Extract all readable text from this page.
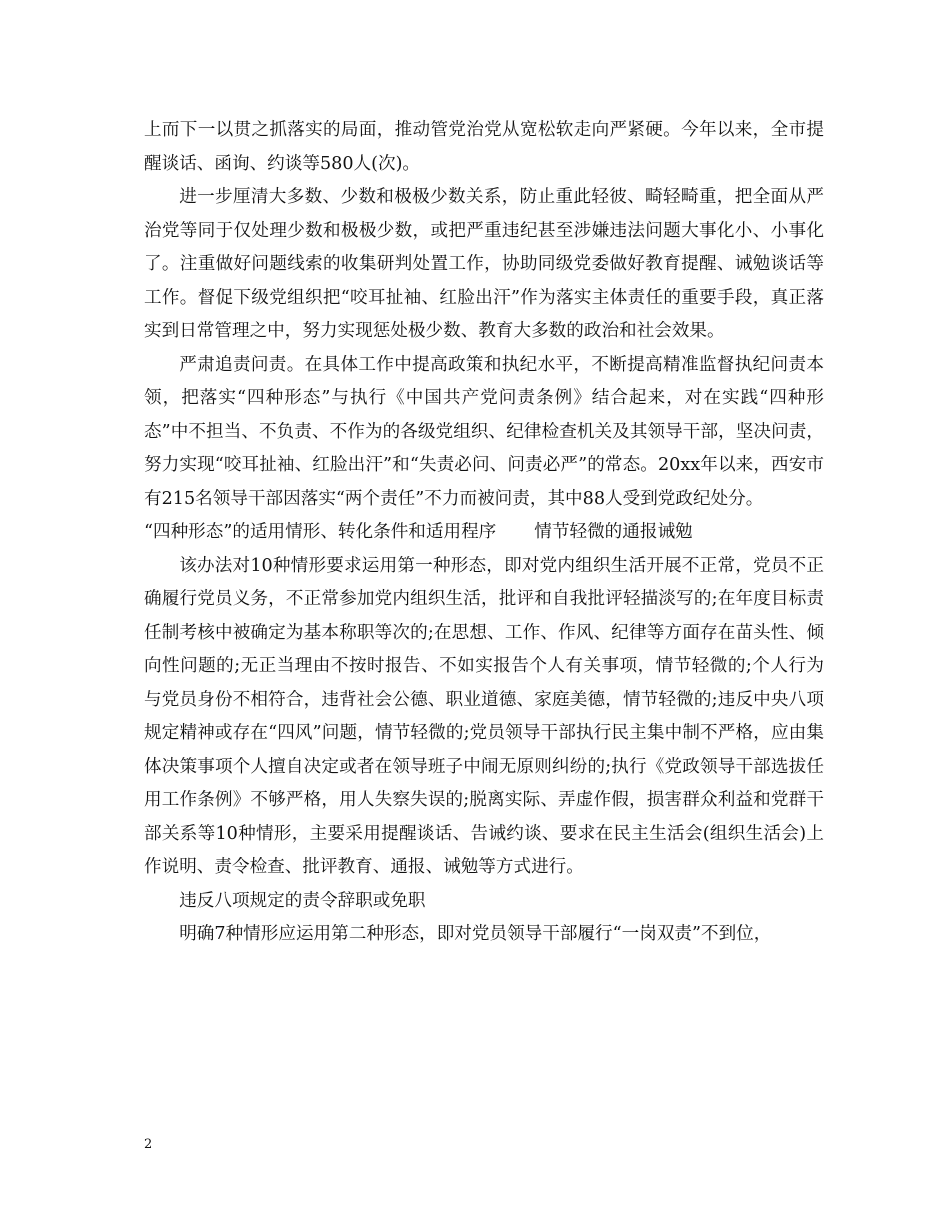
上而下一以贯之抓落实的局面，推动管党治党从宽松软走向严紧硬。今年以来，全市提醒谈话、函询、约谈等580人(次)。

进一步厘清大多数、少数和极极少数关系，防止重此轻彼、畸轻畸重，把全面从严治党等同于仅处理少数和极极少数，或把严重违纪甚至涉嫌违法问题大事化小、小事化了。注重做好问题线索的收集研判处置工作，协助同级党委做好教育提醒、诫勉谈话等工作。督促下级党组织把“咬耳扯袖、红脸出汗”作为落实主体责任的重要手段，真正落实到日常管理之中，努力实现惩处极少数、教育大多数的政治和社会效果。

严肃追责问责。在具体工作中提高政策和执纪水平，不断提高精准监督执纪问责本领，把落实“四种形态”与执行《中国共产党问责条例》结合起来，对在实践“四种形态”中不担当、不负责、不作为的各级党组织、纪律检查机关及其领导干部，坚决问责，努力实现“咬耳扯袖、红脸出汗”和“失责必问、问责必严”的常态。20xx年以来，西安市有215名领导干部因落实“两个责任”不力而被问责，其中88人受到党政纪处分。

“四种形态”的适用情形、转化条件和适用程序 情节轻微的通报诫勉

该办法对10种情形要求运用第一种形态，即对党内组织生活开展不正常，党员不正确履行党员义务，不正常参加党内组织生活，批评和自我批评轻描淡写的;在年度目标责任制考核中被确定为基本称职等次的;在思想、工作、作风、纪律等方面存在苗头性、倾向性问题的;无正当理由不按时报告、不如实报告个人有关事项，情节轻微的;个人行为与党员身份不相符合，违背社会公德、职业道德、家庭美德，情节轻微的;违反中央八项规定精神或存在“四风”问题，情节轻微的;党员领导干部执行民主集中制不严格，应由集体决策事项个人擅自决定或者在领导班子中闹无原则纠纷的;执行《党政领导干部选拔任用工作条例》不够严格，用人失察失误的;脱离实际、弄虚作假，损害群众利益和党群干部关系等10种情形，主要采用提醒谈话、告诫约谈、要求在民主生活会(组织生活会)上作说明、责令检查、批评教育、通报、诫勉等方式进行。

违反八项规定的责令辞职或免职

明确7种情形应运用第二种形态，即对党员领导干部履行“一岗双责”不到位，

2
